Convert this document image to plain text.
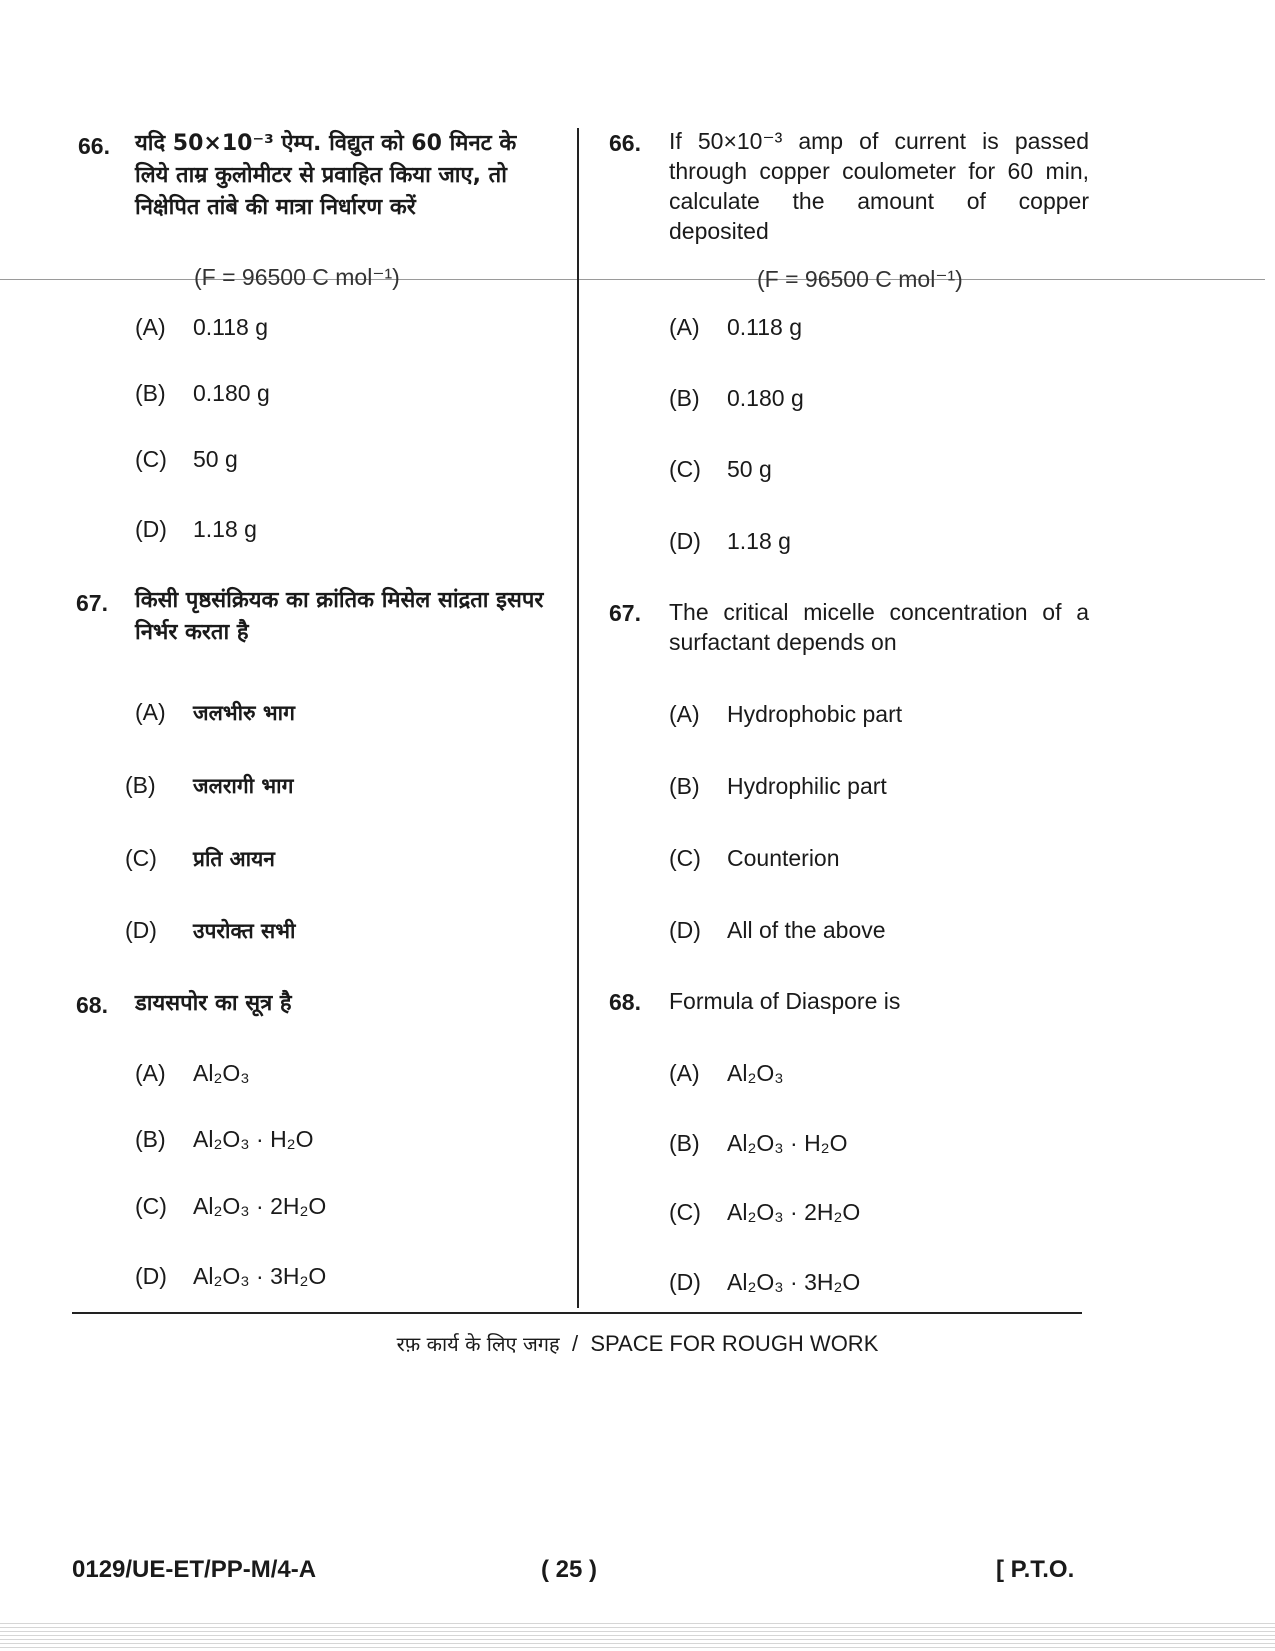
66. यदि 50×10⁻³ ऐम्प. विद्युत को 60 मिनट के लिये ताम्र कुलोमीटर से प्रवाहित किया जाए, तो निक्षेपित तांबे की मात्रा निर्धारण करें
(F = 96500 C mol⁻¹)
(A) 0.118 g
(B) 0.180 g
(C) 50 g
(D) 1.18 g
67. किसी पृष्ठसंक्रियक का क्रांतिक मिसेल सांद्रता इसपर निर्भर करता है
(A) जलभीरु भाग
(B) जलरागी भाग
(C) प्रति आयन
(D) उपरोक्त सभी
68. डायसपोर का सूत्र है
(A) Al₂O₃
(B) Al₂O₃ · H₂O
(C) Al₂O₃ · 2H₂O
(D) Al₂O₃ · 3H₂O
66. If 50×10⁻³ amp of current is passed through copper coulometer for 60 min, calculate the amount of copper deposited
(F = 96500 C mol⁻¹)
(A) 0.118 g
(B) 0.180 g
(C) 50 g
(D) 1.18 g
67. The critical micelle concentration of a surfactant depends on
(A) Hydrophobic part
(B) Hydrophilic part
(C) Counterion
(D) All of the above
68. Formula of Diaspore is
(A) Al₂O₃
(B) Al₂O₃ · H₂O
(C) Al₂O₃ · 2H₂O
(D) Al₂O₃ · 3H₂O
रफ़ कार्य के लिए जगह / SPACE FOR ROUGH WORK
0129/UE-ET/PP-M/4-A	( 25 )	[ P.T.O.
